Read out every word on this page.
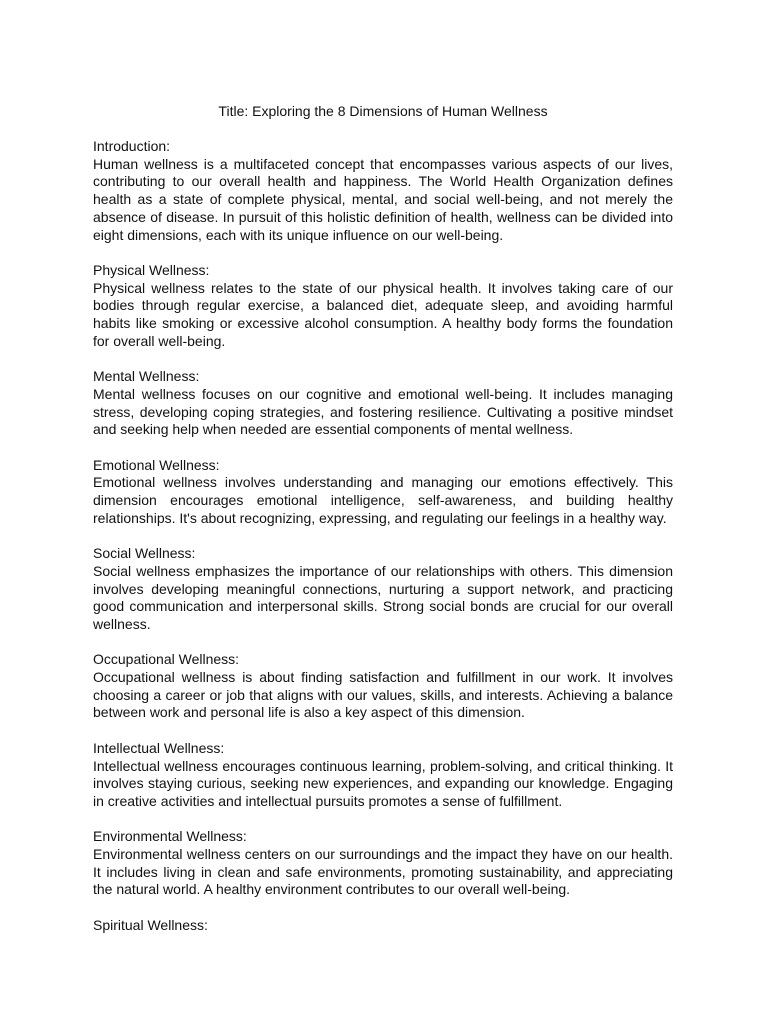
Title: Exploring the 8 Dimensions of Human Wellness

Introduction:

Human wellness is a multifaceted concept that encompasses various aspects of our lives, contributing to our overall health and happiness. The World Health Organization defines health as a state of complete physical, mental, and social well-being, and not merely the absence of disease. In pursuit of this holistic definition of health, wellness can be divided into eight dimensions, each with its unique influence on our well-being.

Physical Wellness:

Physical wellness relates to the state of our physical health. It involves taking care of our bodies through regular exercise, a balanced diet, adequate sleep, and avoiding harmful habits like smoking or excessive alcohol consumption. A healthy body forms the foundation for overall well-being.

Mental Wellness:

Mental wellness focuses on our cognitive and emotional well-being. It includes managing stress, developing coping strategies, and fostering resilience. Cultivating a positive mindset and seeking help when needed are essential components of mental wellness.

Emotional Wellness:

Emotional wellness involves understanding and managing our emotions effectively. This dimension encourages emotional intelligence, self-awareness, and building healthy relationships. It's about recognizing, expressing, and regulating our feelings in a healthy way.

Social Wellness:

Social wellness emphasizes the importance of our relationships with others. This dimension involves developing meaningful connections, nurturing a support network, and practicing good communication and interpersonal skills. Strong social bonds are crucial for our overall wellness.

Occupational Wellness:

Occupational wellness is about finding satisfaction and fulfillment in our work. It involves choosing a career or job that aligns with our values, skills, and interests. Achieving a balance between work and personal life is also a key aspect of this dimension.

Intellectual Wellness:

Intellectual wellness encourages continuous learning, problem-solving, and critical thinking. It involves staying curious, seeking new experiences, and expanding our knowledge. Engaging in creative activities and intellectual pursuits promotes a sense of fulfillment.

Environmental Wellness:

Environmental wellness centers on our surroundings and the impact they have on our health. It includes living in clean and safe environments, promoting sustainability, and appreciating the natural world. A healthy environment contributes to our overall well-being.

Spiritual Wellness:
